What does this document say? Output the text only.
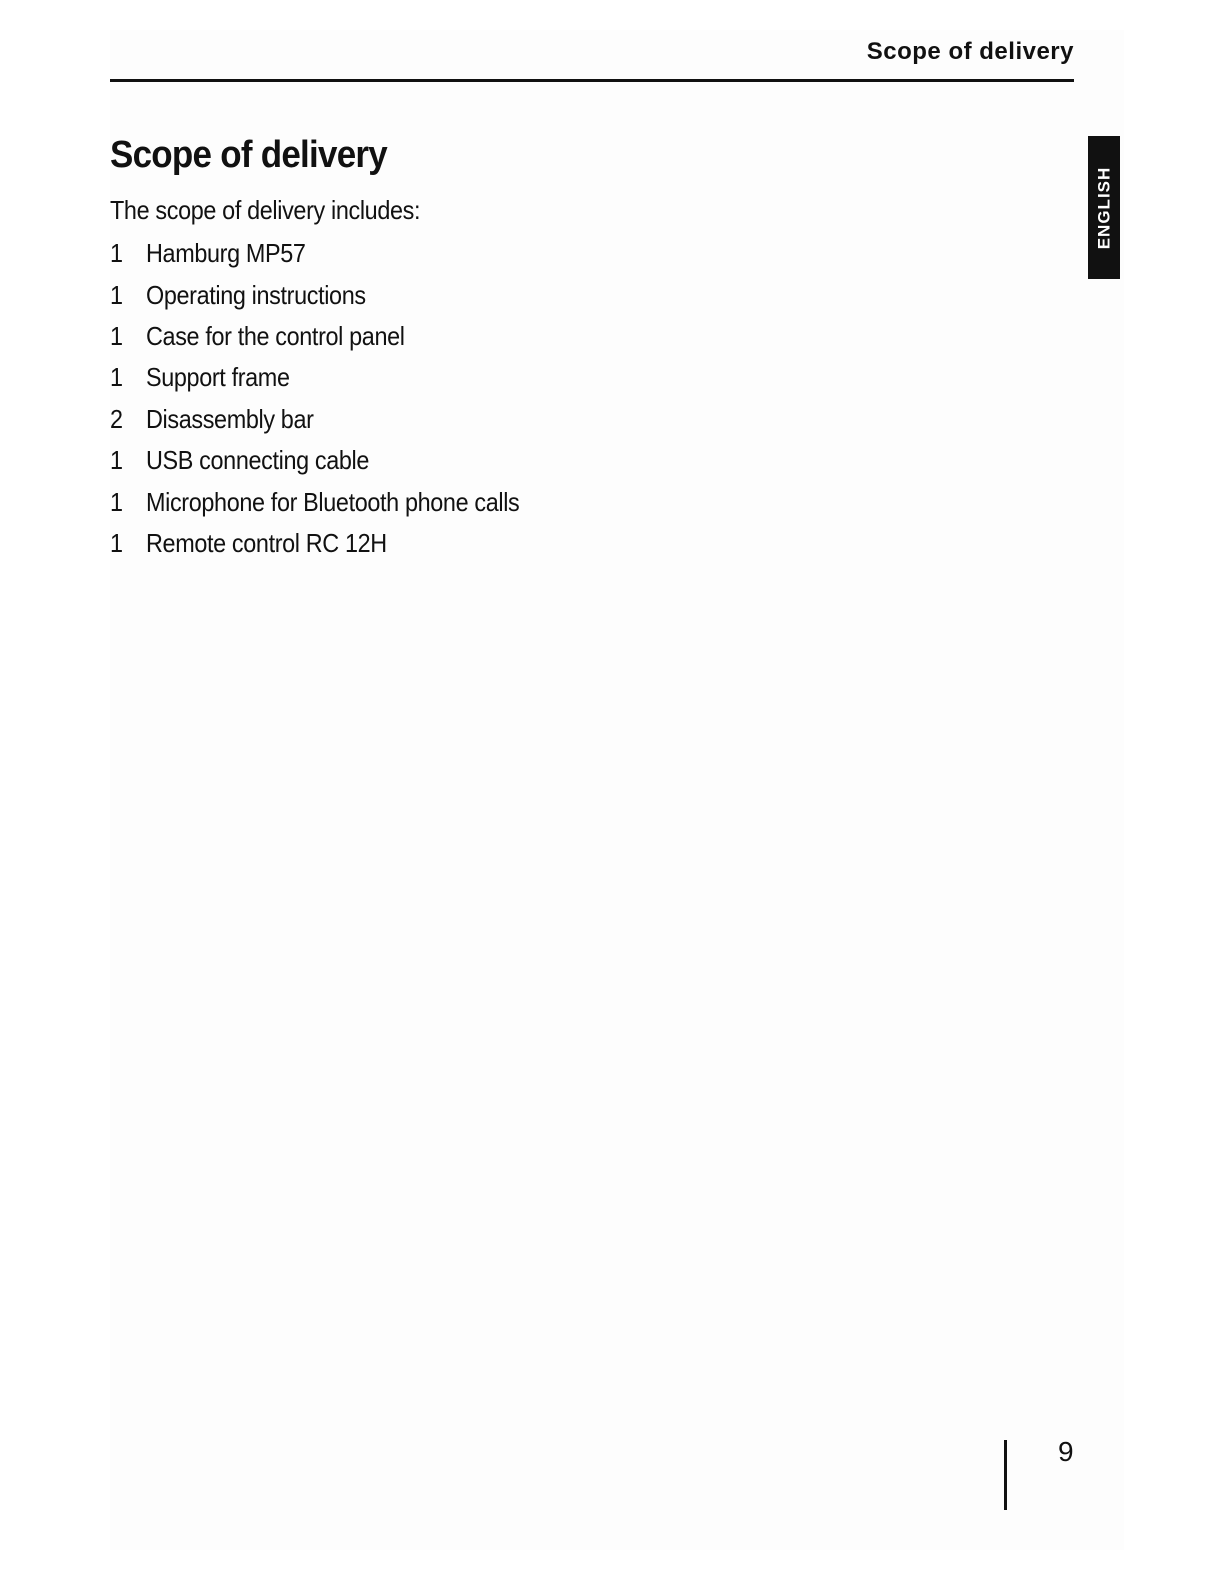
Scope of delivery
ENGLISH
Scope of delivery

The scope of delivery includes:

1 Hamburg MP57
1 Operating instructions
1 Case for the control panel
1 Support frame
2 Disassembly bar
1 USB connecting cable
1 Microphone for Bluetooth phone calls
1 Remote control RC 12H
9
